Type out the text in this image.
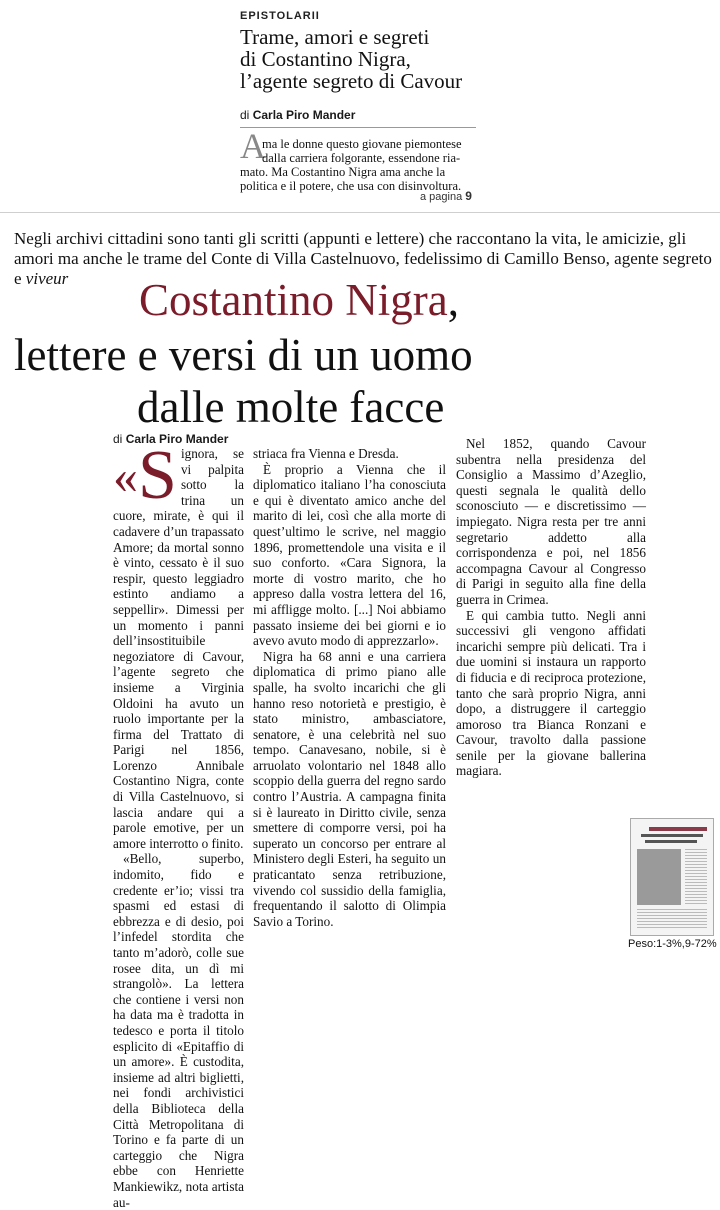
EPISTOLARII
Trame, amori e segreti
di Costantino Nigra,
l’agente segreto di Cavour
di Carla Piro Mander
A
ma le donne questo giovane piemontese
dalla carriera folgorante, essendone ria-
mato. Ma Costantino Nigra ama anche la politica e il potere, che usa con disinvoltura.
a pagina 9
Negli archivi cittadini sono tanti gli scritti (appunti e lettere) che raccontano la vita, le amicizie, gli amori ma anche le trame del Conte di Villa Castelnuovo, fedelissimo di Camillo Benso, agente segreto e viveur	Costantino Nigra,
lettere e versi di un uomo
dalle molte facce
di Carla Piro Mander

«S ignora, se vi palpita sotto la trina un cuore, mirate, è qui il cadavere d’un trapassato Amore; da mortal sonno è vinto, cessato è il suo respir, questo leggiadro estinto andiamo a seppellir». Dimessi per un momento i panni dell’insostituibile negoziatore di Cavour, l’agente segreto che insieme a Virginia Oldoini ha avuto un ruolo importante per la firma del Trattato di Parigi nel 1856, Lorenzo Annibale Costantino Nigra, conte di Villa Castelnuovo, si lascia andare qui a parole emotive, per un amore interrotto o finito.

«Bello, superbo, indomito, fido e credente er’io; vissi tra spasmi ed estasi di ebbrezza e di desio, poi l’infedel stordita che tanto m’adorò, colle sue rosee dita, un dì mi strangolò». La lettera che contiene i versi non ha data ma è tradotta in tedesco e porta il titolo esplicito di «Epitaffio di un amore». È custodita, insieme ad altri biglietti, nei fondi archivistici della Biblioteca della Città Metropolitana di Torino e fa parte di un carteggio che Nigra ebbe con Henriette Mankiewikz, nota artista au-

striaca fra Vienna e Dresda.

È proprio a Vienna che il diplomatico italiano l’ha conosciuta e qui è diventato amico anche del marito di lei, così che alla morte di quest’ultimo le scrive, nel maggio 1896, promettendole una visita e il suo conforto. «Cara Signora, la morte di vostro marito, che ho appreso dalla vostra lettera del 16, mi affligge molto. [...] Noi abbiamo passato insieme dei bei giorni e io avevo avuto modo di apprezzarlo».

Nigra ha 68 anni e una carriera diplomatica di primo piano alle spalle, ha svolto incarichi che gli hanno reso notorietà e prestigio, è stato ministro, ambasciatore, senatore, è una celebrità nel suo tempo. Canavesano, nobile, si è arruolato volontario nel 1848 allo scoppio della guerra del regno sardo contro l’Austria. A campagna finita si è laureato in Diritto civile, senza smettere di comporre versi, poi ha superato un concorso per entrare al Ministero degli Esteri, ha seguito un praticantato senza retribuzione, vivendo col sussidio della famiglia, frequentando il salotto di Olimpia Savio a Torino.

Nel 1852, quando Cavour subentra nella presidenza del Consiglio a Massimo d’Azeglio, questi segnala le qualità dello sconosciuto — e discretissimo — impiegato. Nigra resta per tre anni segretario addetto alla corrispondenza e poi, nel 1856 accompagna Cavour al Congresso di Parigi in seguito alla fine della guerra in Crimea.

E qui cambia tutto. Negli anni successivi gli vengono affidati incarichi sempre più delicati. Tra i due uomini si instaura un rapporto di fiducia e di reciproca protezione, tanto che sarà proprio Nigra, anni dopo, a distruggere il carteggio amoroso tra Bianca Ronzani e Cavour, travolto dalla passione senile per la giovane ballerina magiara.

Peso:1-3%,9-72%
